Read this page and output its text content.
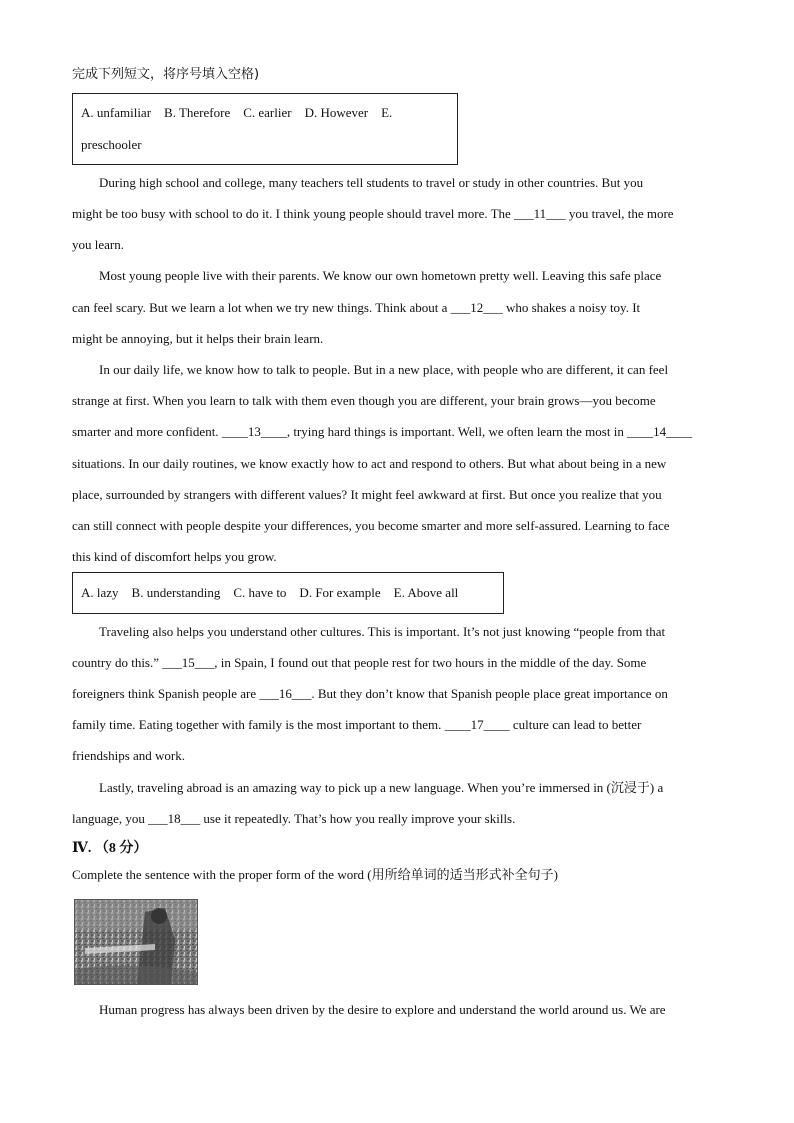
完成下列短文，将序号填入空格)
A. unfamiliar    B. Therefore    C. earlier    D. However    E.
preschooler
During high school and college, many teachers tell students to travel or study in other countries. But you
might be too busy with school to do it. I think young people should travel more. The ___11___ you travel, the more
you learn.
Most young people live with their parents. We know our own hometown pretty well. Leaving this safe place
can feel scary. But we learn a lot when we try new things. Think about a ___12___ who shakes a noisy toy. It
might be annoying, but it helps their brain learn.
In our daily life, we know how to talk to people. But in a new place, with people who are different, it can feel
strange at first. When you learn to talk with them even though you are different, your brain grows—you become
smarter and more confident. ____13____, trying hard things is important. Well, we often learn the most in ____14____
situations. In our daily routines, we know exactly how to act and respond to others. But what about being in a new
place, surrounded by strangers with different values? It might feel awkward at first. But once you realize that you
can still connect with people despite your differences, you become smarter and more self-assured. Learning to face
this kind of discomfort helps you grow.
A. lazy    B. understanding    C. have to    D. For example    E. Above all
Traveling also helps you understand other cultures. This is important. It’s not just knowing “people from that
country do this.” ___15___, in Spain, I found out that people rest for two hours in the middle of the day. Some
foreigners think Spanish people are ___16___. But they don’t know that Spanish people place great importance on
family time. Eating together with family is the most important to them. ____17____ culture can lead to better
friendships and work.
Lastly, traveling abroad is an amazing way to pick up a new language. When you’re immersed in (沉浸于) a
language, you ___18___ use it repeatedly. That’s how you really improve your skills.
Ⅳ. （8 分）
Complete the sentence with the proper form of the word (用所给单词的适当形式补全句子)
Human progress has always been driven by the desire to explore and understand the world around us. We are
